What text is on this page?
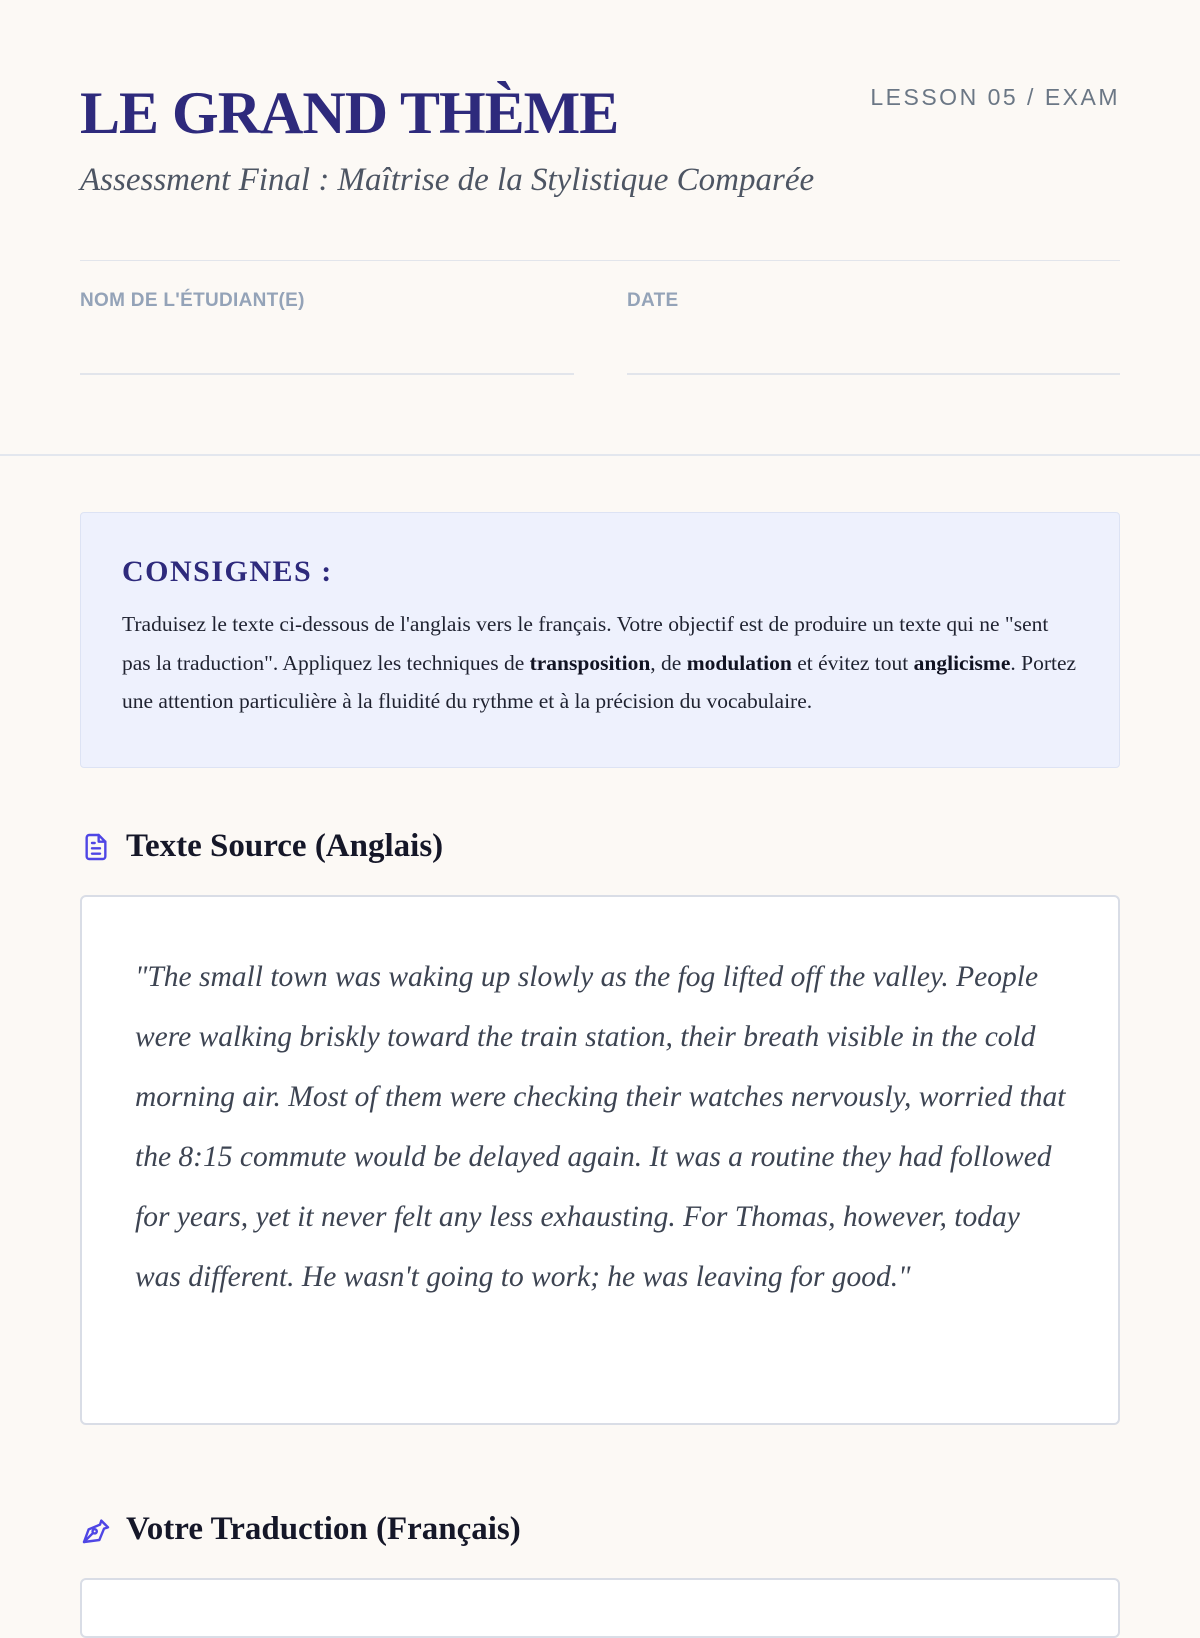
LE GRAND THÈME	LESSON 05 / EXAM
Assessment Final : Maîtrise de la Stylistique Comparée
NOM DE L'ÉTUDIANT(E)	DATE
CONSIGNES :

Traduisez le texte ci-dessous de l'anglais vers le français. Votre objectif est de produire un texte qui ne "sent pas la traduction". Appliquez les techniques de transposition, de modulation et évitez tout anglicisme. Portez une attention particulière à la fluidité du rythme et à la précision du vocabulaire.

Texte Source (Anglais)

"The small town was waking up slowly as the fog lifted off the valley. People were walking briskly toward the train station, their breath visible in the cold morning air. Most of them were checking their watches nervously, worried that the 8:15 commute would be delayed again. It was a routine they had followed for years, yet it never felt any less exhausting. For Thomas, however, today was different. He wasn't going to work; he was leaving for good."

Votre Traduction (Français)
